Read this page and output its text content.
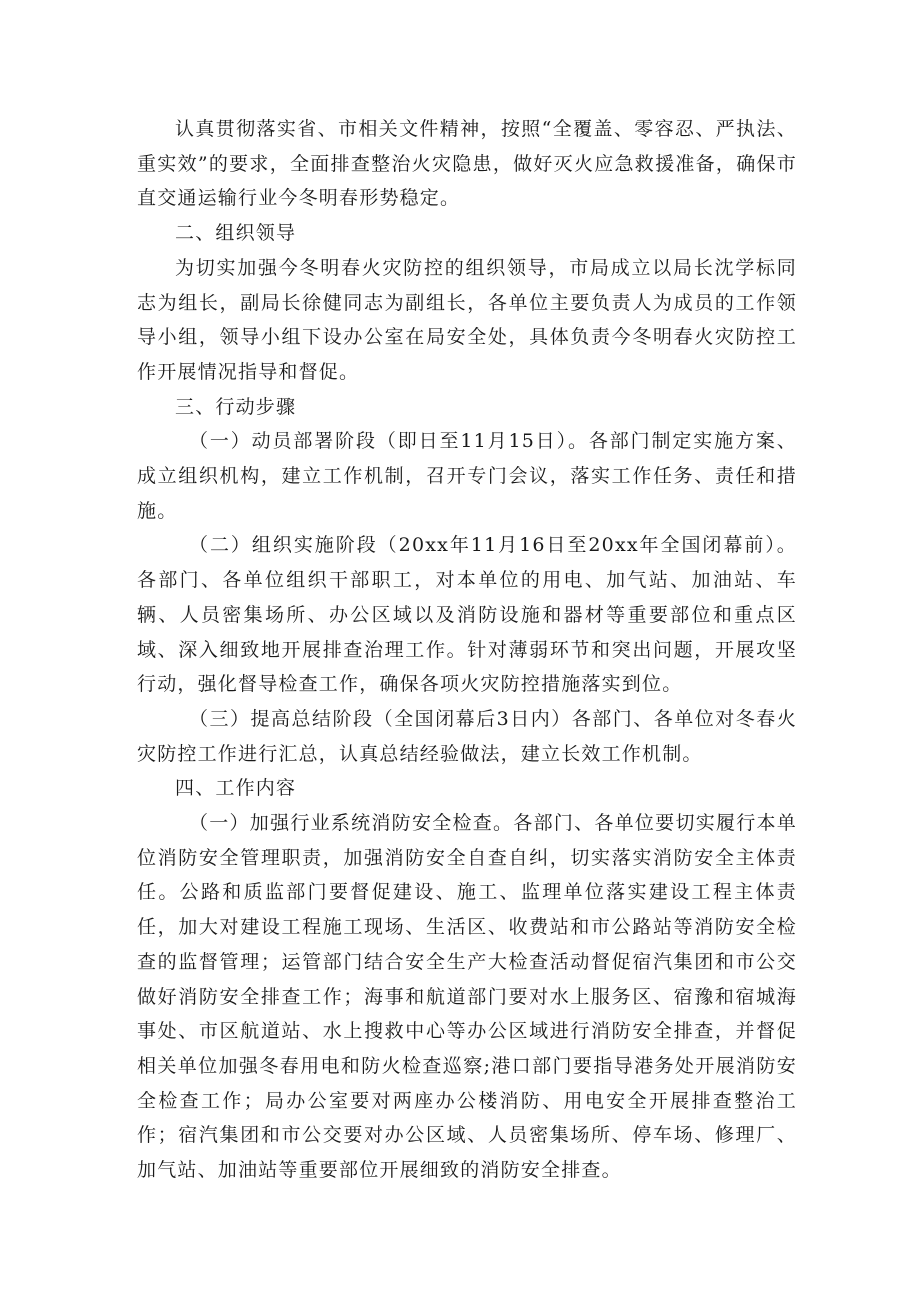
认真贯彻落实省、市相关文件精神，按照“全覆盖、零容忍、严执法、重实效”的要求，全面排查整治火灾隐患，做好灭火应急救援准备，确保市直交通运输行业今冬明春形势稳定。

二、组织领导

为切实加强今冬明春火灾防控的组织领导，市局成立以局长沈学标同志为组长，副局长徐健同志为副组长，各单位主要负责人为成员的工作领导小组，领导小组下设办公室在局安全处，具体负责今冬明春火灾防控工作开展情况指导和督促。

三、行动步骤

（一）动员部署阶段（即日至11月15日）。各部门制定实施方案、成立组织机构，建立工作机制，召开专门会议，落实工作任务、责任和措施。

（二）组织实施阶段（20xx年11月16日至20xx年全国闭幕前）。各部门、各单位组织干部职工，对本单位的用电、加气站、加油站、车辆、人员密集场所、办公区域以及消防设施和器材等重要部位和重点区域、深入细致地开展排查治理工作。针对薄弱环节和突出问题，开展攻坚行动，强化督导检查工作，确保各项火灾防控措施落实到位。

（三）提高总结阶段（全国闭幕后3日内）各部门、各单位对冬春火灾防控工作进行汇总，认真总结经验做法，建立长效工作机制。

四、工作内容

（一）加强行业系统消防安全检查。各部门、各单位要切实履行本单位消防安全管理职责，加强消防安全自查自纠，切实落实消防安全主体责任。公路和质监部门要督促建设、施工、监理单位落实建设工程主体责任，加大对建设工程施工现场、生活区、收费站和市公路站等消防安全检查的监督管理；运管部门结合安全生产大检查活动督促宿汽集团和市公交做好消防安全排查工作；海事和航道部门要对水上服务区、宿豫和宿城海事处、市区航道站、水上搜救中心等办公区域进行消防安全排查，并督促相关单位加强冬春用电和防火检查巡察;港口部门要指导港务处开展消防安全检查工作；局办公室要对两座办公楼消防、用电安全开展排查整治工作；宿汽集团和市公交要对办公区域、人员密集场所、停车场、修理厂、加气站、加油站等重要部位开展细致的消防安全排查。
